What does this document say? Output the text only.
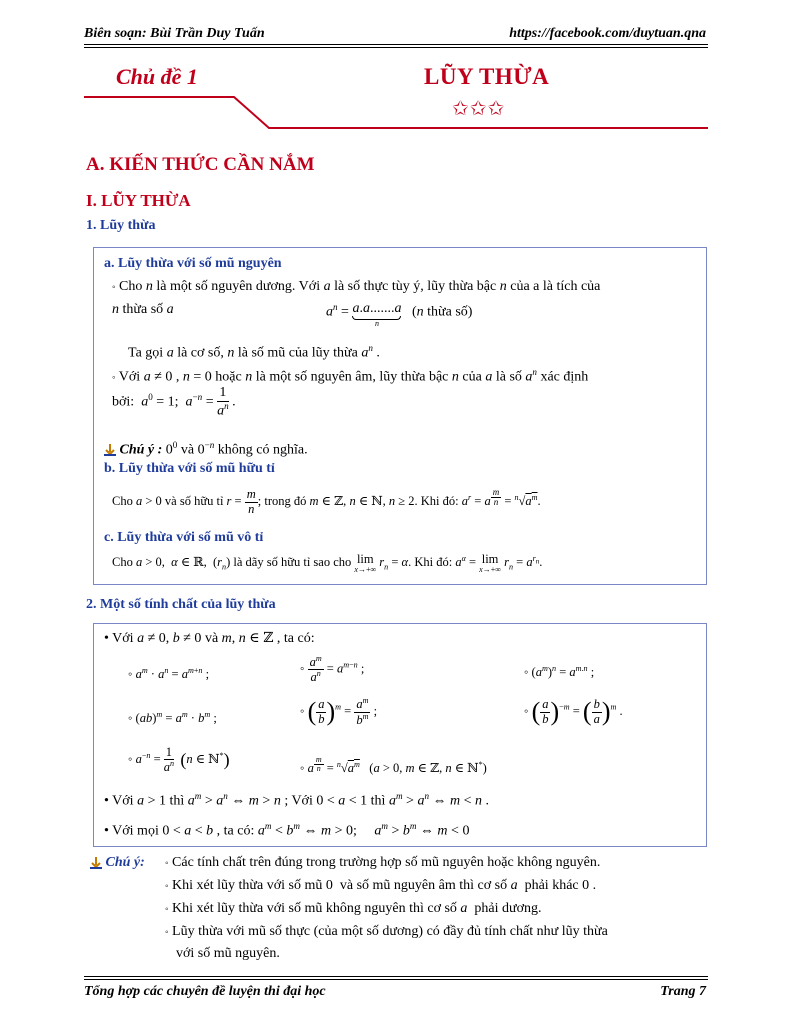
Biên soạn: Bùi Trần Duy Tuấn	https://facebook.com/duytuan.qna
Chủ đề 1	LŨY THỪA
✩✩✩
A. KIẾN THỨC CẦN NẮM
I. LŨY THỪA
1. Lũy thừa
a. Lũy thừa với số mũ nguyên
◦ Cho n là một số nguyên dương. Với a là số thực tùy ý, lũy thừa bậc n của a là tích của
n thừa số a	$a^n = a.a.......a$
n
(n thừa số)
Ta gọi a là cơ số, n là số mũ của lũy thừa $a^n$ .
◦ Với a ≠ 0 , n = 0 hoặc n là một số nguyên âm, lũy thừa bậc n của a là số $a^n$ xác định
bởi: $a^0 = 1$;  $a^{-n} = \frac{1}{a^n}$ .
Chú ý : $0^0$ và $0^{-n}$ không có nghĩa.
b. Lũy thừa với số mũ hữu tỉ
Cho a > 0 và số hữu tỉ $r = \frac{m}{n}$ ; trong đó m ∈ ℤ, n ∈ ℕ, n ≥ 2. Khi đó: $a^r = a$ $^{\frac{m}{n}} = ^n√a^m$.
c. Lũy thừa với số mũ vô tỉ
Cho a > 0,  α ∈ ℝ,  $(r_n)$ là dãy số hữu tỉ sao cho lim
x→+∞ $r_n = \alpha$. Khi đó: $a^\alpha = \lim$
x→+∞ $r_n = a^{r_n}$.
2. Một số tính chất của lũy thừa
• Với a ≠ 0, b ≠ 0 và m, n ∈ ℤ , ta có:
◦ $a^m \cdot a^n = a^{m+n}$ ;	◦ $\frac{a^m}{a^n} = a^{m-n}$ ;	◦ $(a^m)^n = a^{m.n}$ ;
◦ $(ab)^m = a^m \cdot b^m$ ;
◦ ( $\frac{a}{b} )^m = \frac{a^m}{b^m}$ ;	◦ ( $\frac{a}{b} )^{-m}$ = ( $\frac{b}{a} )^m$ .
◦ $a^{-n} = \frac{1}{a^n} (n$ ∈ ℕ*)	◦ a $^{\frac{m}{n}} = ^n√a^m$   (a > 0, m ∈ ℤ, n ∈ ℕ*)
• Với a > 1 thì $a^m > a^n$ ⇔ m > n ; Với 0 < a < 1 thì $a^m > a^n$ ⇔ m < n .
• Với mọi 0 < a < b , ta có: $a^m < b^m$ ⇔ m > 0;     $a^m > b^m$ ⇔ m < 0
Chú ý: ◦ Các tính chất trên đúng trong trường hợp số mũ nguyên hoặc không nguyên.
◦ Khi xét lũy thừa với số mũ 0  và số mũ nguyên âm thì cơ số a phải khác 0 .
◦ Khi xét lũy thừa với số mũ không nguyên thì cơ số a phải dương.
◦ Lũy thừa với mũ số thực (của một số dương) có đầy đủ tính chất như lũy thừa
với số mũ nguyên.
Tổng hợp các chuyên đề luyện thi đại học	Trang 7
